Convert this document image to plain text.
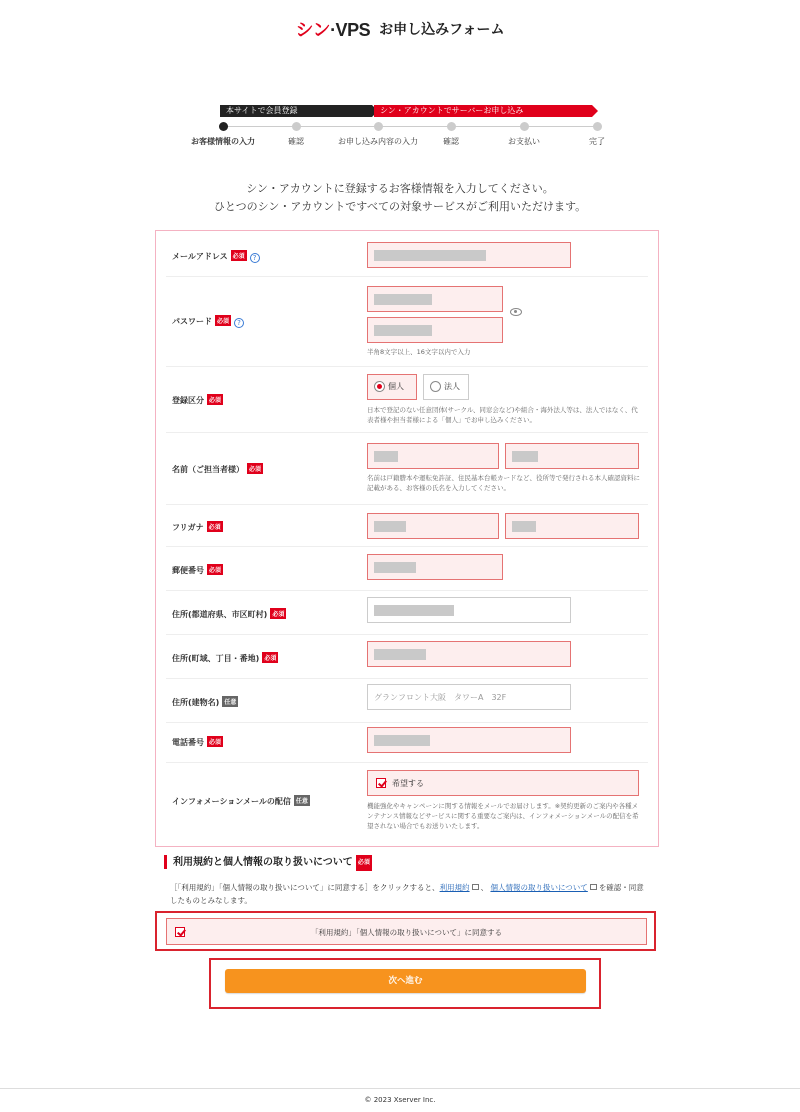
シン·VPS お申し込みフォーム
本サイトで会員登録	シン・アカウントでサーバーお申し込み
お客様情報の入力	確認	お申し込み内容の入力	確認	お支払い	完了
シン・アカウントに登録するお客様情報を入力してください。
ひとつのシン・アカウントですべての対象サービスがご利用いただけます。
メールアドレス 必須 ?
パスワード 必須 ?
半角8文字以上、16文字以内で入力
登録区分 必須
個人	法人
日本で登記のない任意団体(サークル、同窓会など)や組合・海外法人等は、法人ではなく、代表者様や担当者様による「個人」でお申し込みください。
名前（ご担当者様） 必須
名前は戸籍謄本や運転免許証、住民基本台帳カードなど、役所等で発行される本人確認資料に記載がある、お客様の氏名を入力してください。
フリガナ 必須
郵便番号 必須
住所(都道府県、市区町村) 必須
住所(町域、丁目・番地) 必須
住所(建物名) 任意
グランフロント大阪　タワーA　32F
電話番号 必須
インフォメーションメールの配信 任意
希望する
機能強化やキャンペーンに関する情報をメールでお届けします。※契約更新のご案内や各種メンテナンス情報などサービスに関する重要なご案内は、インフォメーションメールの配信を希望されない場合でもお送りいたします。
利用規約と個人情報の取り扱いについて 必須
［「利用規約」「個人情報の取り扱いについて」に同意する］をクリックすると、利用規約 、 個人情報の取り扱いについて を確認・同意したものとみなします。
「利用規約」「個人情報の取り扱いについて」に同意する
次へ進む
© 2023 Xserver Inc.
